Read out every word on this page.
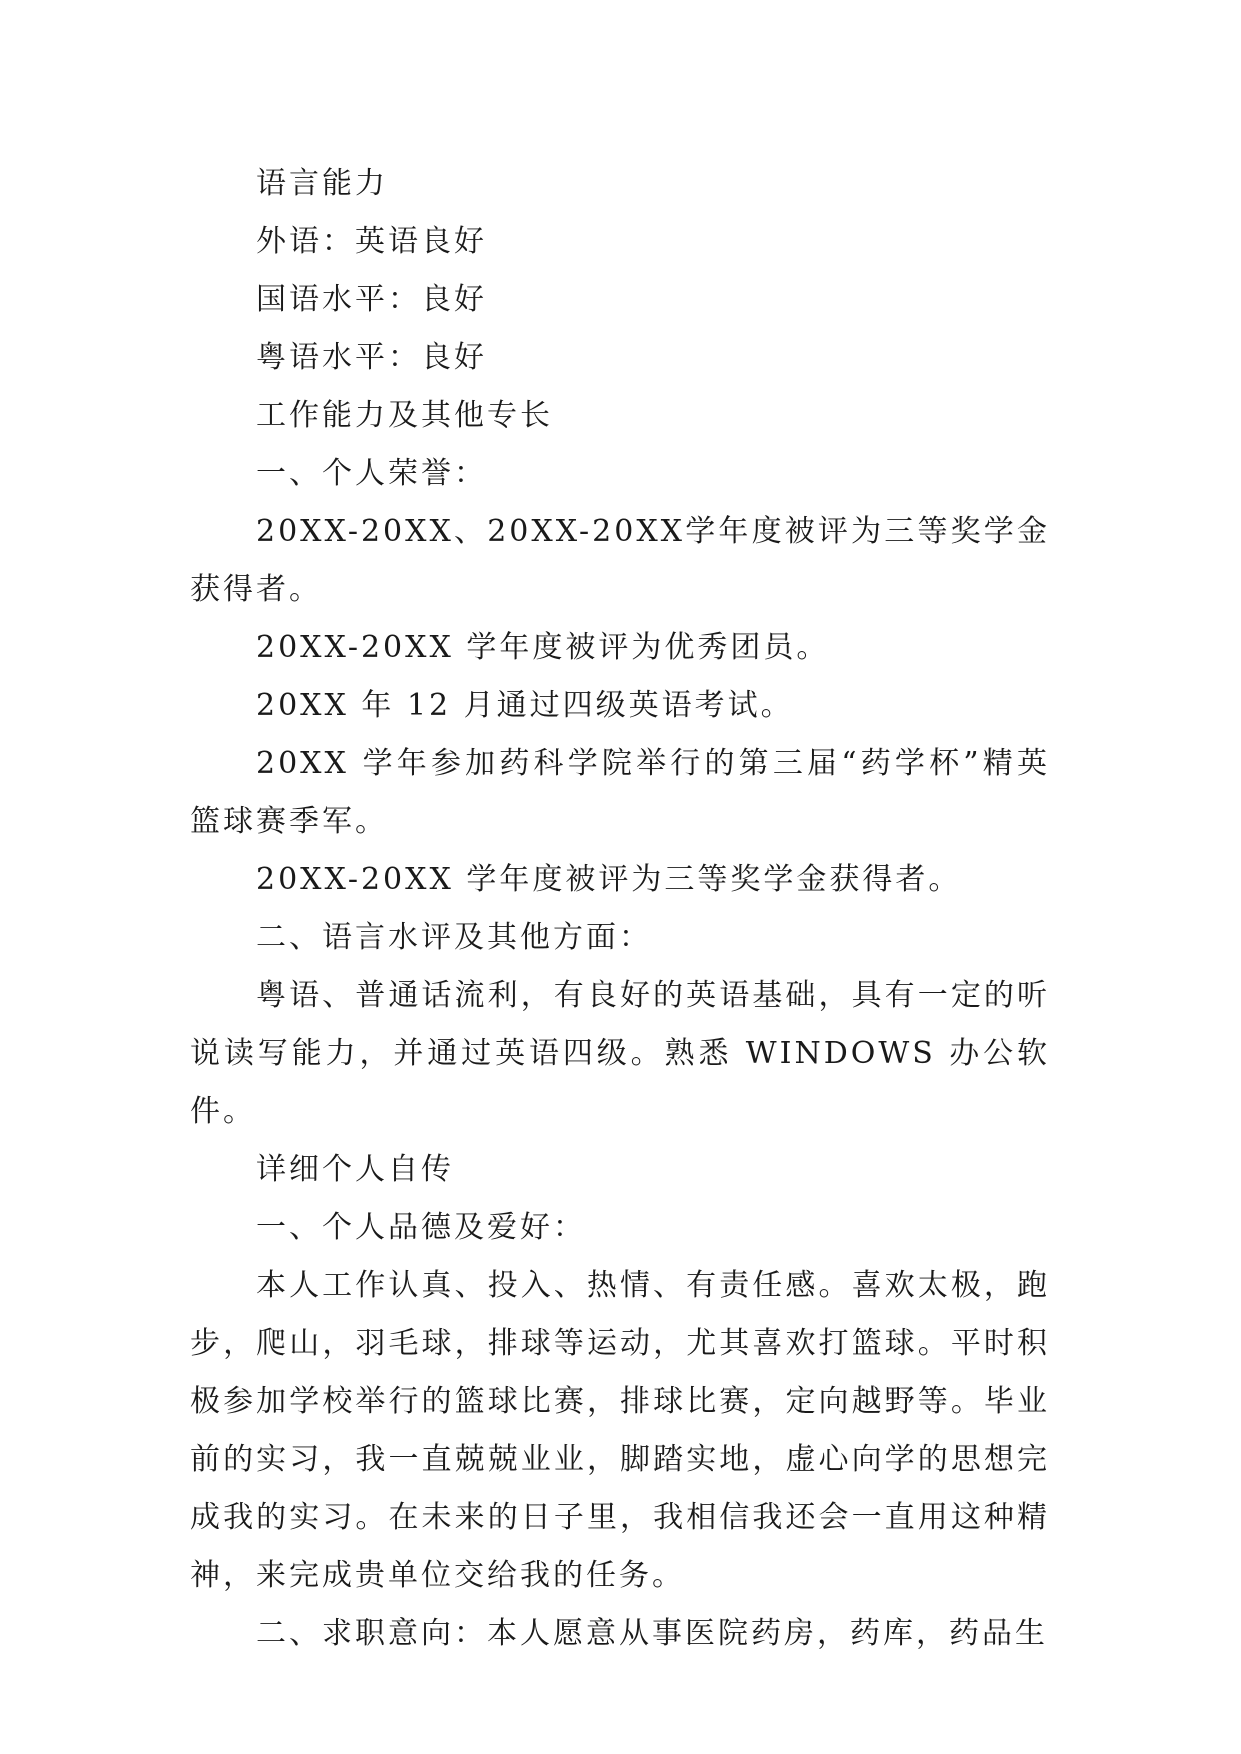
语言能力

外语：英语良好

国语水平：良好

粤语水平：良好

工作能力及其他专长

一、个人荣誉：

20XX-20XX、20XX-20XX学年度被评为三等奖学金获得者。

20XX-20XX 学年度被评为优秀团员。

20XX 年 12 月通过四级英语考试。

20XX 学年参加药科学院举行的第三届“药学杯”精英篮球赛季军。

20XX-20XX 学年度被评为三等奖学金获得者。

二、语言水评及其他方面：

粤语、普通话流利，有良好的英语基础，具有一定的听说读写能力，并通过英语四级。熟悉 WINDOWS 办公软件。

详细个人自传

一、个人品德及爱好：

本人工作认真、投入、热情、有责任感。喜欢太极，跑步，爬山，羽毛球，排球等运动，尤其喜欢打篮球。平时积极参加学校举行的篮球比赛，排球比赛，定向越野等。毕业前的实习，我一直兢兢业业，脚踏实地，虚心向学的思想完成我的实习。在未来的日子里，我相信我还会一直用这种精神，来完成贵单位交给我的任务。

二、求职意向：本人愿意从事医院药房，药库，药品生
